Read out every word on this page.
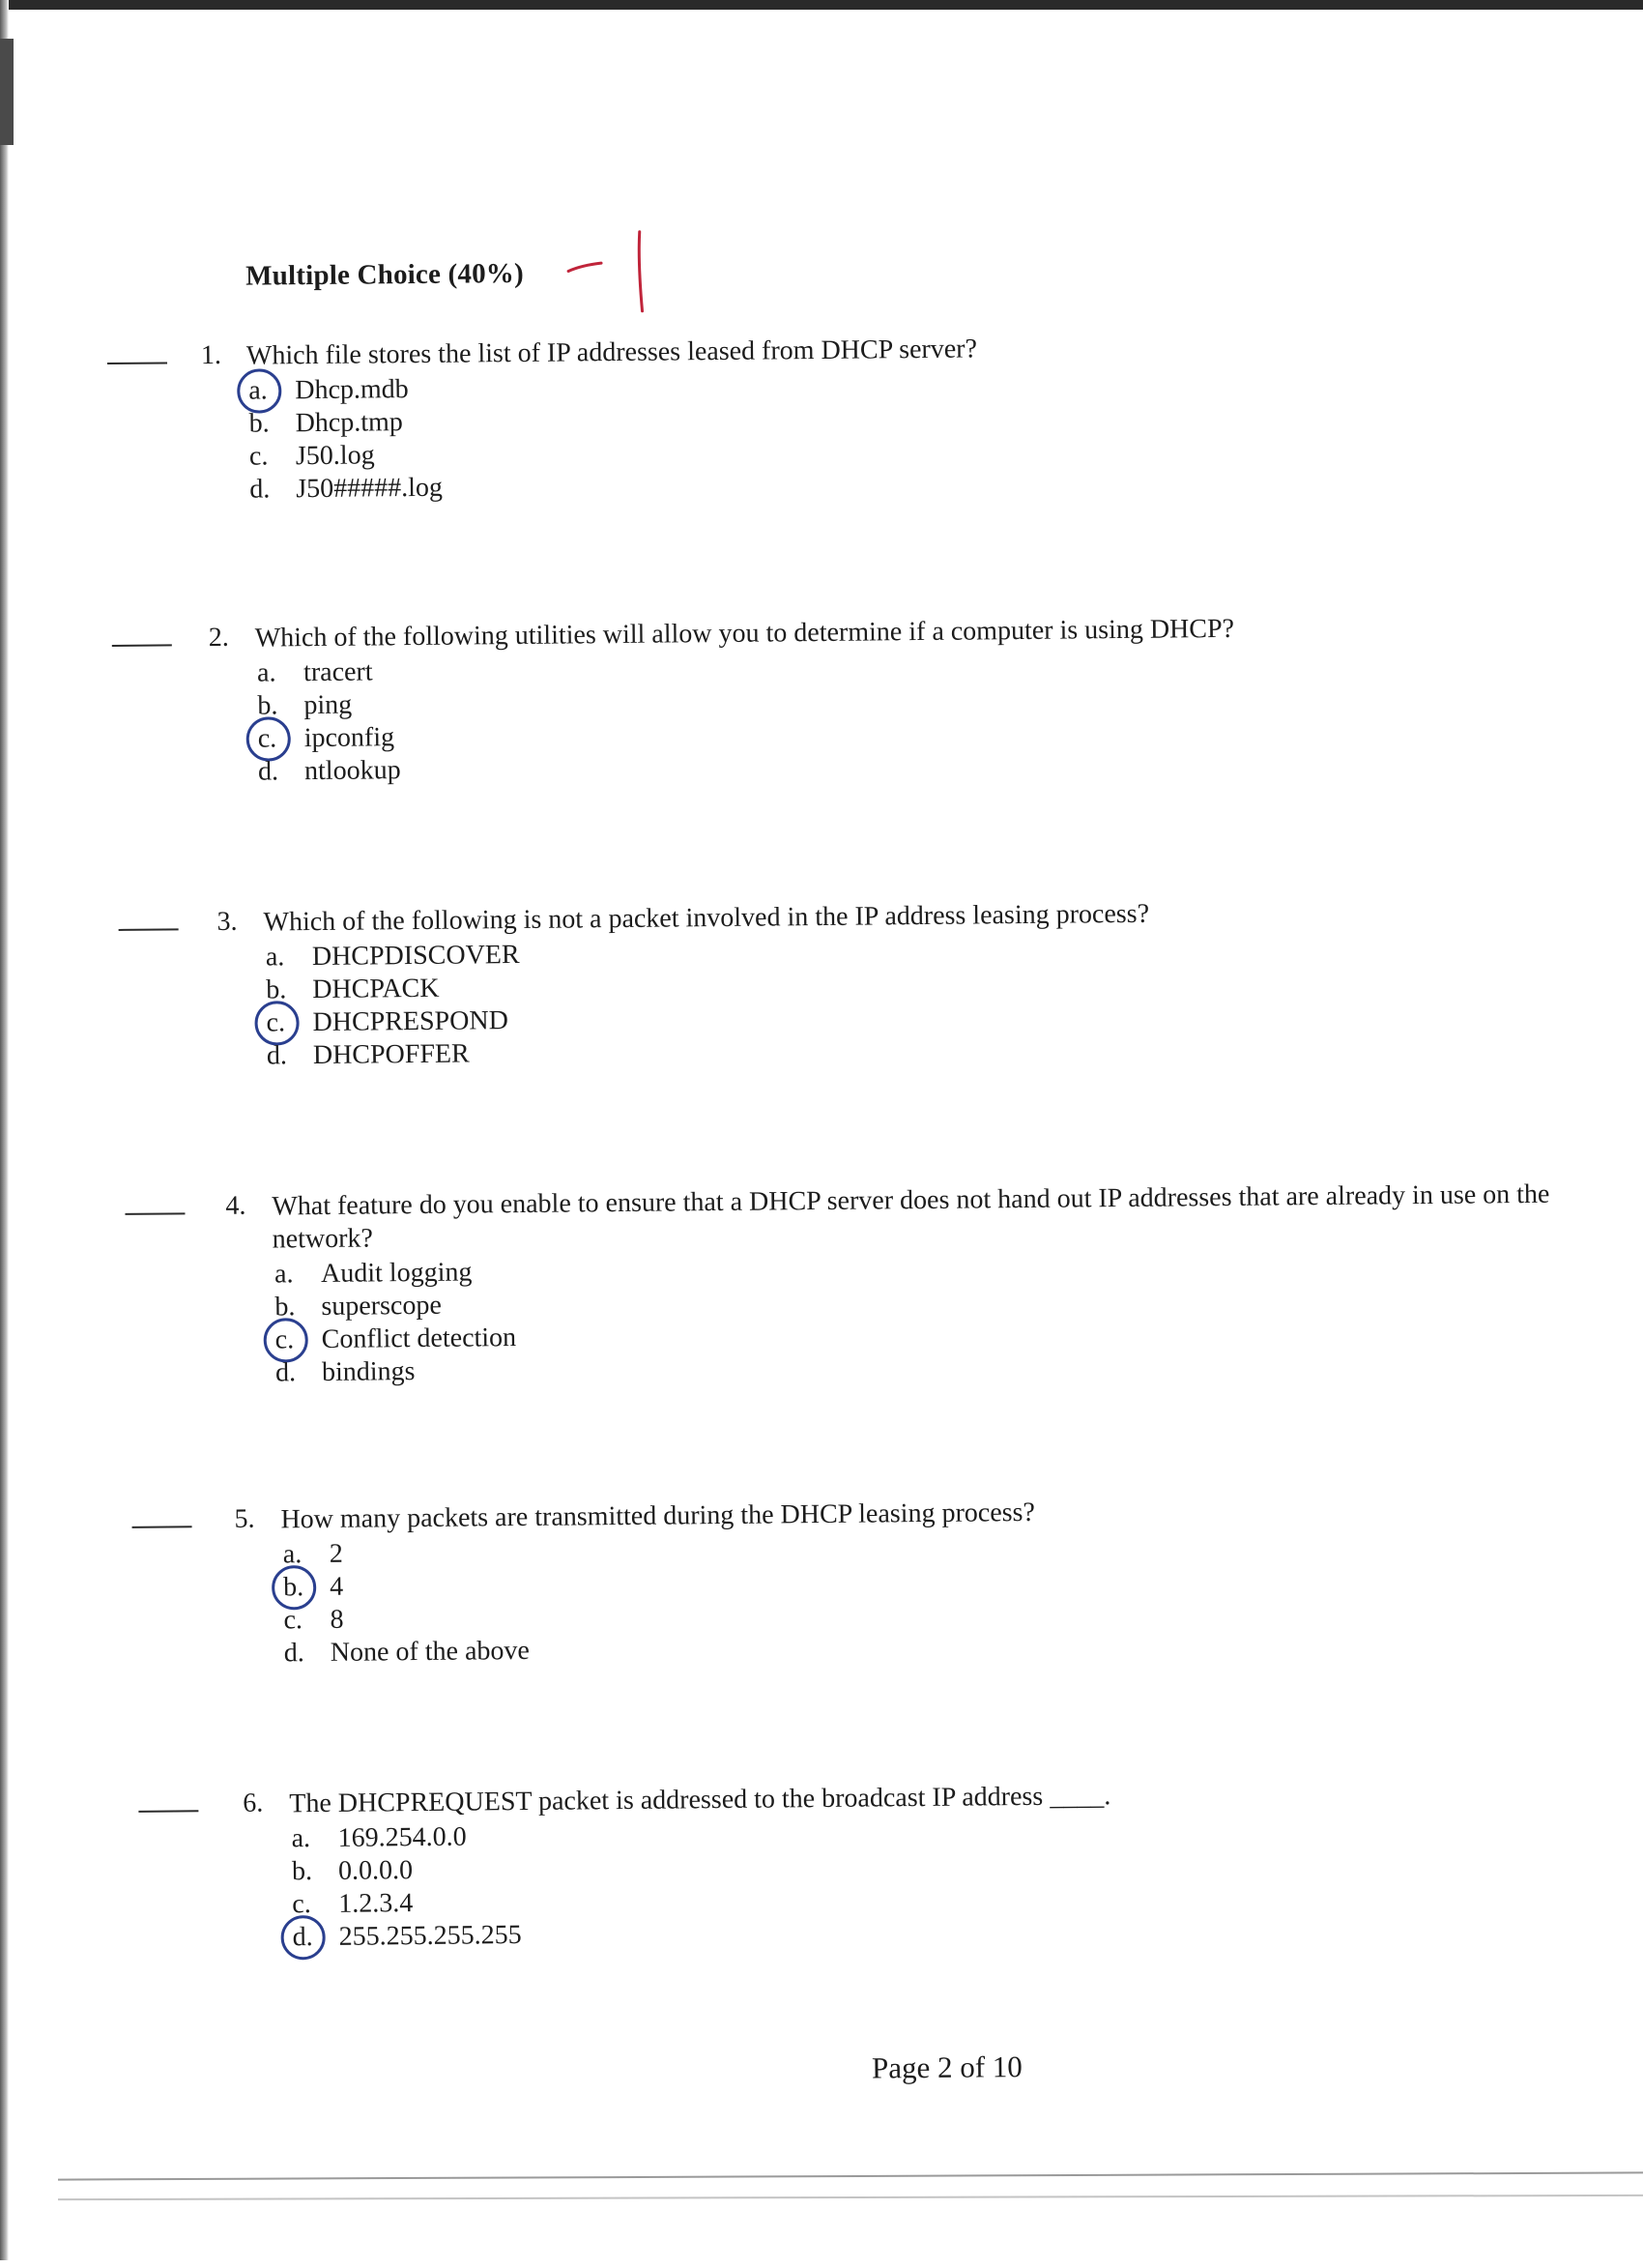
Multiple Choice (40%)
1. Which file stores the list of IP addresses leased from DHCP server?
a.	Dhcp.mdb
b. Dhcp.tmp
c.	J50.log
d. J50#####.log
2. Which of the following utilities will allow you to determine if a computer is using DHCP?
a.	tracert
b. ping
c.	ipconfig
d. ntlookup
3. Which of the following is not a packet involved in the IP address leasing process?
a.	DHCPDISCOVER
b. DHCPACK
c.	DHCPRESPOND
d. DHCPOFFER
4. What feature do you enable to ensure that a DHCP server does not hand out IP addresses that are already in use on the network?
a.	Audit logging
b. superscope
c.	Conflict detection
d. bindings
5. How many packets are transmitted during the DHCP leasing process?
a.	2
b. 4
c.	8
d. None of the above
6. The DHCPREQUEST packet is addressed to the broadcast IP address ____.
a.	169.254.0.0
b. 0.0.0.0
c.	1.2.3.4
d. 255.255.255.255
Page 2 of 10
